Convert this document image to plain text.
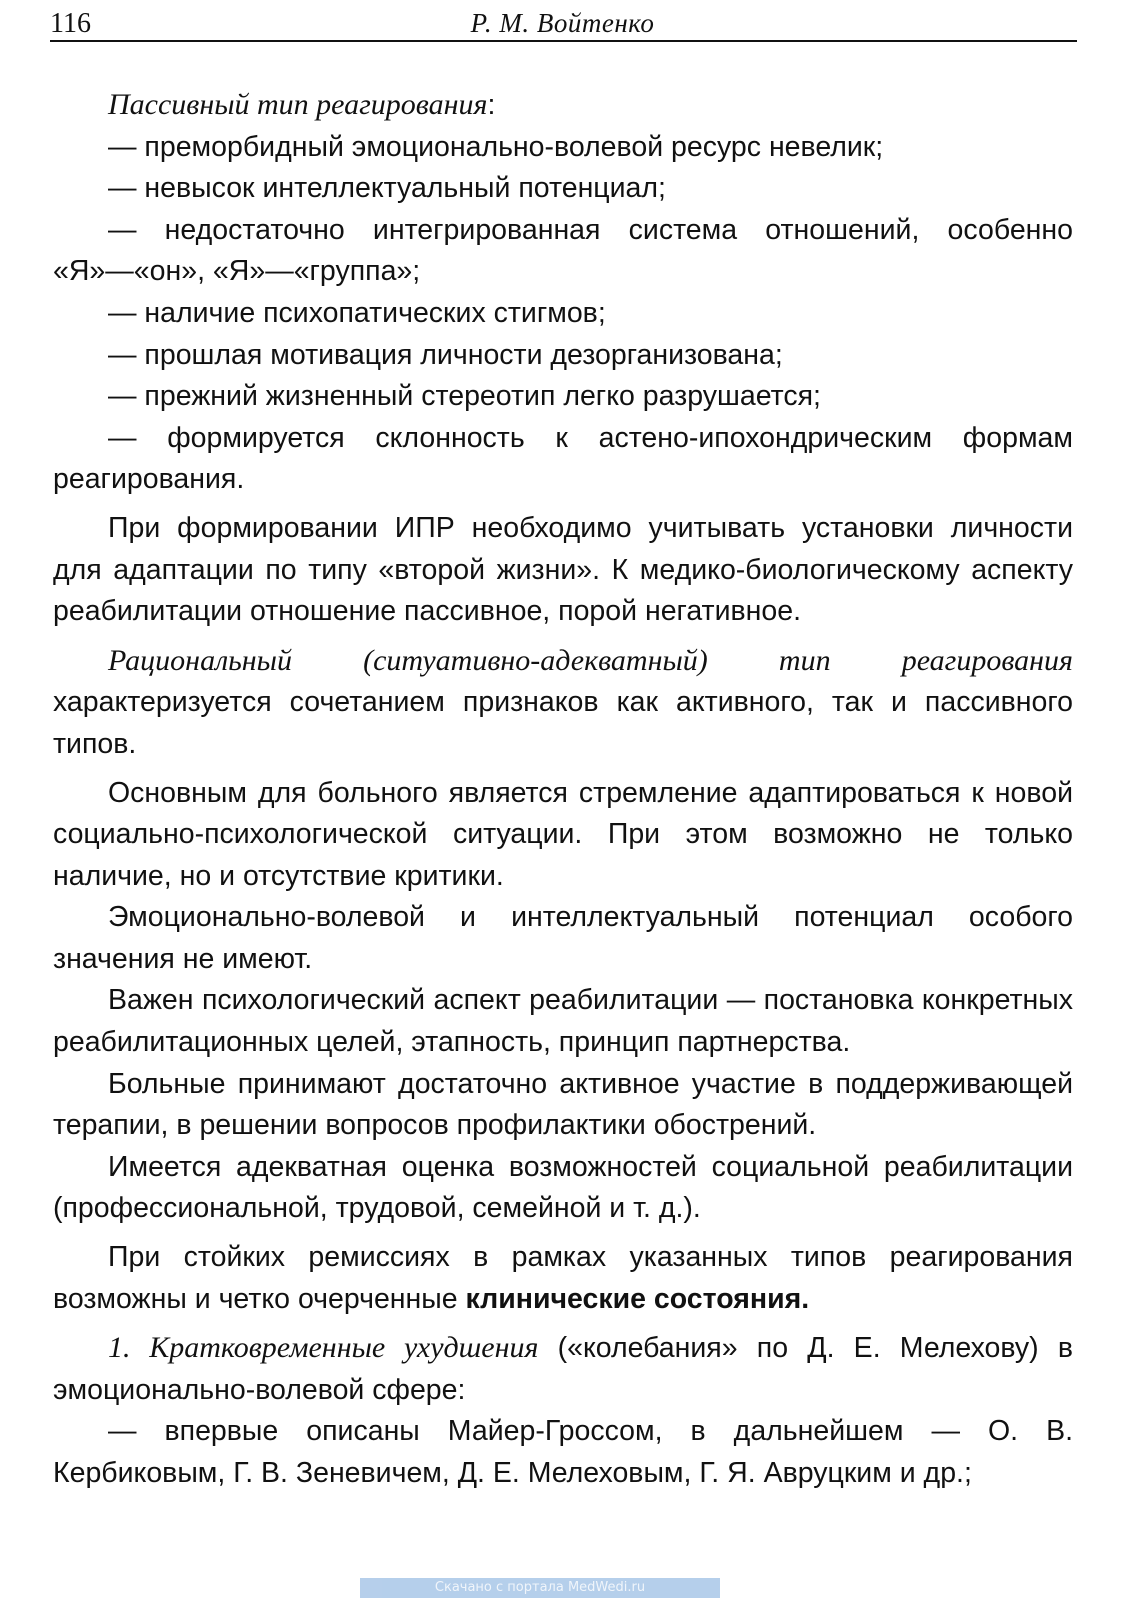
116	Р. М. Войтенко

Пассивный тип реагирования:

— преморбидный эмоционально-волевой ресурс невелик;

— невысок интеллектуальный потенциал;

— недостаточно интегрированная система отношений, особенно «Я»—«он», «Я»—«группа»;

— наличие психопатических стигмов;

— прошлая мотивация личности дезорганизована;

— прежний жизненный стереотип легко разрушается;

— формируется склонность к астено-ипохондрическим формам реагирования.

При формировании ИПР необходимо учитывать установки личности для адаптации по типу «второй жизни». К медико-биологическому аспекту реабилитации отношение пассивное, порой негативное.

Рациональный (ситуативно-адекватный) тип реагирования характеризуется сочетанием признаков как активного, так и пассивного типов.

Основным для больного является стремление адаптироваться к новой социально-психологической ситуации. При этом возможно не только наличие, но и отсутствие критики.

Эмоционально-волевой и интеллектуальный потенциал особого значения не имеют.

Важен психологический аспект реабилитации — постановка конкретных реабилитационных целей, этапность, принцип партнерства.

Больные принимают достаточно активное участие в поддерживающей терапии, в решении вопросов профилактики обострений.

Имеется адекватная оценка возможностей социальной реабилитации (профессиональной, трудовой, семейной и т. д.).

При стойких ремиссиях в рамках указанных типов реагирования возможны и четко очерченные клинические состояния.

1. Кратковременные ухудшения («колебания» по Д. Е. Мелехову) в эмоционально-волевой сфере:

— впервые описаны Майер-Гроссом, в дальнейшем — О. В. Кербиковым, Г. В. Зеневичем, Д. Е. Мелеховым, Г. Я. Авруцким и др.;

Скачано с портала MedWedi.ru
